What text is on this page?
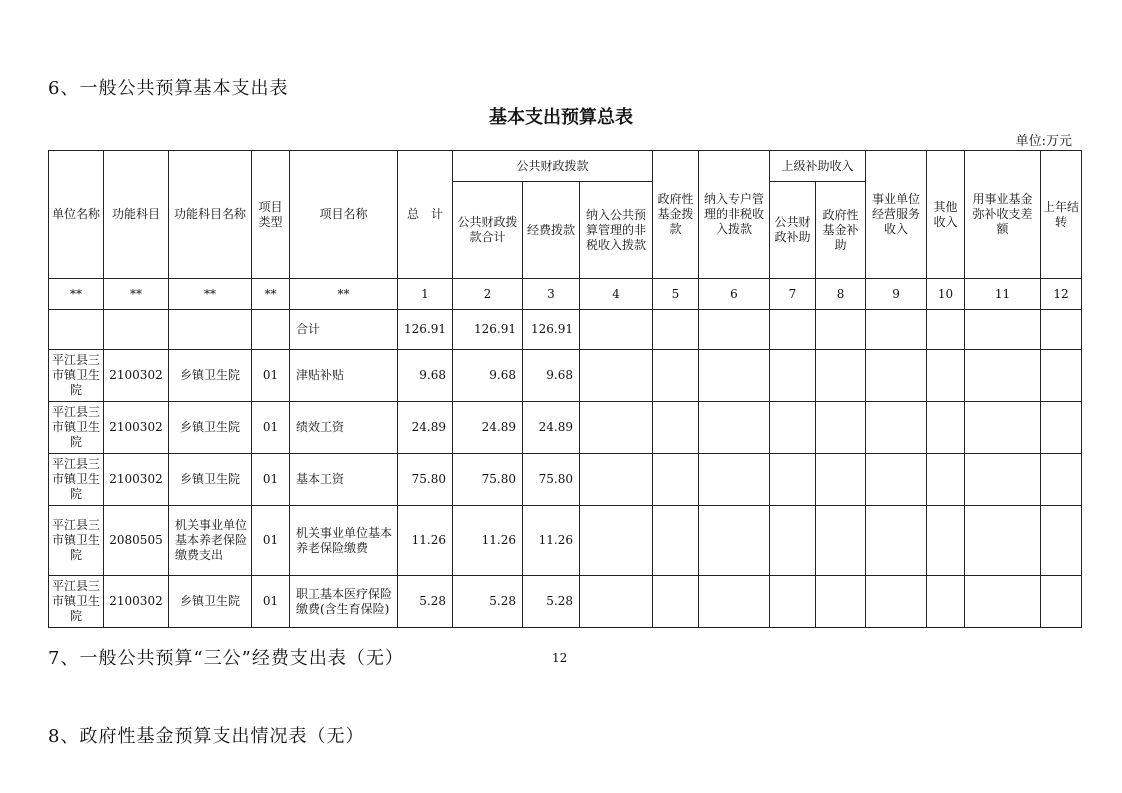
6、一般公共预算基本支出表
基本支出预算总表
单位:万元
单位名称	功能科目	功能科目名称	项目类型	项目名称	总　计	公共财政拨款			政府性基金拨款	纳入专户管理的非税收入拨款	上级补助收入		事业单位经营服务收入	其他收入	用事业基金弥补收支差额	上年结转
						公共财政拨款合计	经费拨款	纳入公共预算管理的非税收入拨款			公共财政补助	政府性基金补助				
**	**	**	**	**	1	2	3	4	5	6	7	8	9	10	11	12
				合计	126.91	126.91	126.91									
平江县三市镇卫生院	2100302	乡镇卫生院	01	津贴补贴	9.68	9.68	9.68									
平江县三市镇卫生院	2100302	乡镇卫生院	01	绩效工资	24.89	24.89	24.89									
平江县三市镇卫生院	2100302	乡镇卫生院	01	基本工资	75.80	75.80	75.80									
平江县三市镇卫生院	2080505	机关事业单位基本养老保险缴费支出	01	机关事业单位基本养老保险缴费	11.26	11.26	11.26									
平江县三市镇卫生院	2100302	乡镇卫生院	01	职工基本医疗保险缴费(含生育保险)	5.28	5.28	5.28									
7、一般公共预算“三公”经费支出表（无）	12
8、政府性基金预算支出情况表（无）
